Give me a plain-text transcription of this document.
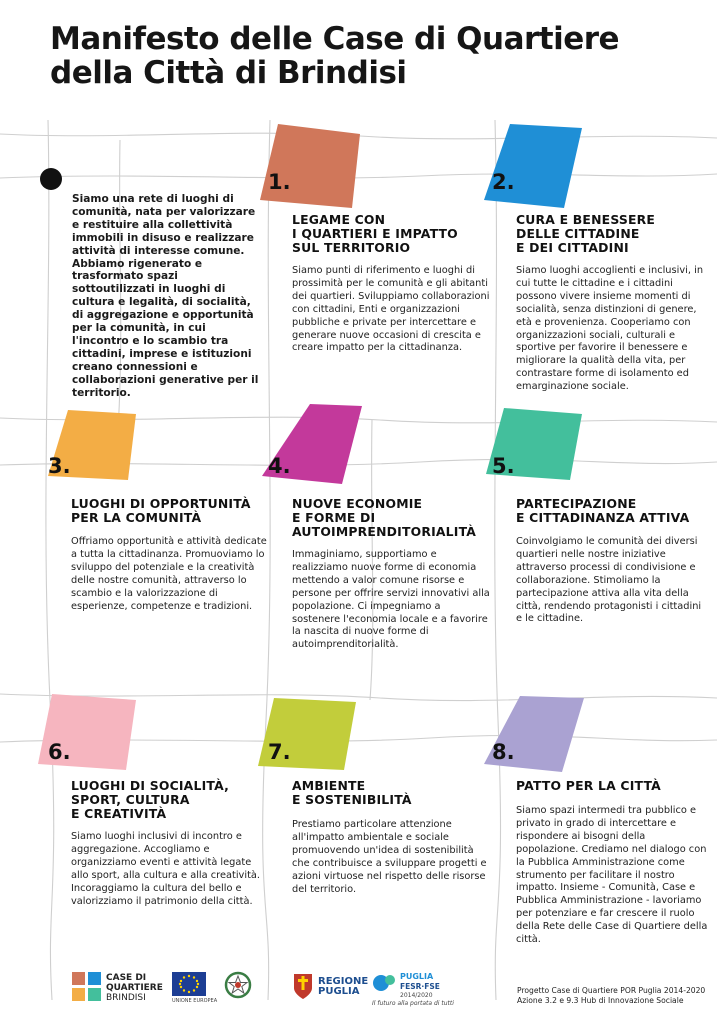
Manifesto delle Case di Quartiere
della Città di Brindisi
Siamo una rete di luoghi di comunità, nata per valorizzare e restituire alla collettività immobili in disuso e realizzare attività di interesse comune. Abbiamo rigenerato e trasformato spazi sottoutilizzati in luoghi di cultura e legalità, di socialità, di aggregazione e opportunità per la comunità, in cui l'incontro e lo scambio tra cittadini, imprese e istituzioni creano connessioni e collaborazioni generative per il territorio.
1.
LEGAME CON
I QUARTIERI E IMPATTO
SUL TERRITORIO
Siamo punti di riferimento e luoghi di prossimità per le comunità e gli abitanti dei quartieri. Sviluppiamo collaborazioni con cittadini, Enti e organizzazioni pubbliche e private per intercettare e generare nuove occasioni di crescita e creare impatto per la cittadinanza.
2.
CURA E BENESSERE
DELLE CITTADINE
E DEI CITTADINI
Siamo luoghi accoglienti e inclusivi, in cui tutte le cittadine e i cittadini possono vivere insieme momenti di socialità, senza distinzioni di genere, età e provenienza. Cooperiamo con organizzazioni sociali, culturali e sportive per favorire il benessere e migliorare la qualità della vita, per contrastare forme di isolamento ed emarginazione sociale.
3.
LUOGHI DI OPPORTUNITÀ
PER LA COMUNITÀ
Offriamo opportunità e attività dedicate a tutta la cittadinanza. Promuoviamo lo sviluppo del potenziale e la creatività delle nostre comunità, attraverso lo scambio e la valorizzazione di esperienze, competenze e tradizioni.
4.
NUOVE ECONOMIE
E FORME DI
AUTOIMPRENDITORIALITÀ
Immaginiamo, supportiamo e realizziamo nuove forme di economia mettendo a valor comune risorse e persone per offrire servizi innovativi alla popolazione. Ci impegniamo a sostenere l'economia locale e a favorire la nascita di nuove forme di autoimprenditorialità.
5.
PARTECIPAZIONE
E CITTADINANZA ATTIVA
Coinvolgiamo le comunità dei diversi quartieri nelle nostre iniziative attraverso processi di condivisione e collaborazione. Stimoliamo la partecipazione attiva alla vita della città, rendendo protagonisti i cittadini e le cittadine.
6.
LUOGHI DI SOCIALITÀ,
SPORT, CULTURA
E CREATIVITÀ
Siamo luoghi inclusivi di incontro e aggregazione. Accogliamo e organizziamo eventi e attività legate allo sport, alla cultura e alla creatività. Incoraggiamo la cultura del bello e valorizziamo il patrimonio della città.
7.
AMBIENTE
E SOSTENIBILITÀ
Prestiamo particolare attenzione all'impatto ambientale e sociale promuovendo un'idea di sostenibilità che contribuisce a sviluppare progetti e azioni virtuose nel rispetto delle risorse del territorio.
8.
PATTO PER LA CITTÀ
Siamo spazi intermedi tra pubblico e privato in grado di intercettare e rispondere ai bisogni della popolazione. Crediamo nel dialogo con la Pubblica Amministrazione come strumento per facilitare il nostro impatto. Insieme - Comunità, Case e Pubblica Amministrazione - lavoriamo per potenziare e far crescere il ruolo della Rete delle Case di Quartiere della città.
CASE DI
QUARTIERE
BRINDISI	UNIONE EUROPEA
REGIONE
PUGLIA
PUGLIA
FESR·FSE
2014/2020
Il futuro alla portata di tutti
Progetto Case di Quartiere POR Puglia 2014-2020
Azione 3.2 e 9.3 Hub di Innovazione Sociale
